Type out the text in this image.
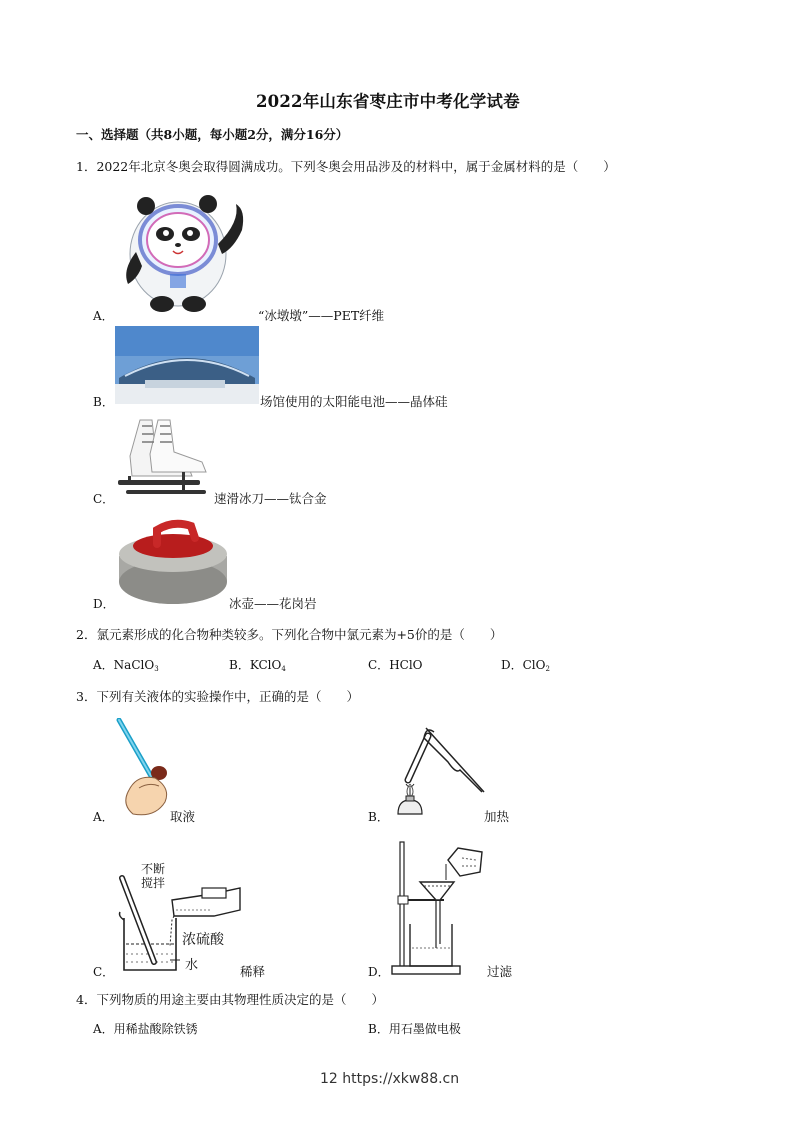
2022年山东省枣庄市中考化学试卷
一、选择题（共8小题，每小题2分，满分16分）
1．2022年北京冬奥会取得圆满成功。下列冬奥会用品涉及的材料中，属于金属材料的是（　　）
A．	“冰墩墩”——PET纤维
B．	场馆使用的太阳能电池——晶体硅
C．	速滑冰刀——钛合金
D．	冰壶——花岗岩
2．氯元素形成的化合物种类较多。下列化合物中氯元素为+5价的是（　　）
A．NaClO$_3$	B．KClO$_4$	C．HClO	D．ClO$_2$
3．下列有关液体的实验操作中，正确的是（　　）
A．	取液	B．	加热
不断
搅拌
浓硫酸
水
C．	稀释	D．	过滤
4．下列物质的用途主要由其物理性质决定的是（　　）
A．用稀盐酸除铁锈	B．用石墨做电极
12 https://xkw88.cn
